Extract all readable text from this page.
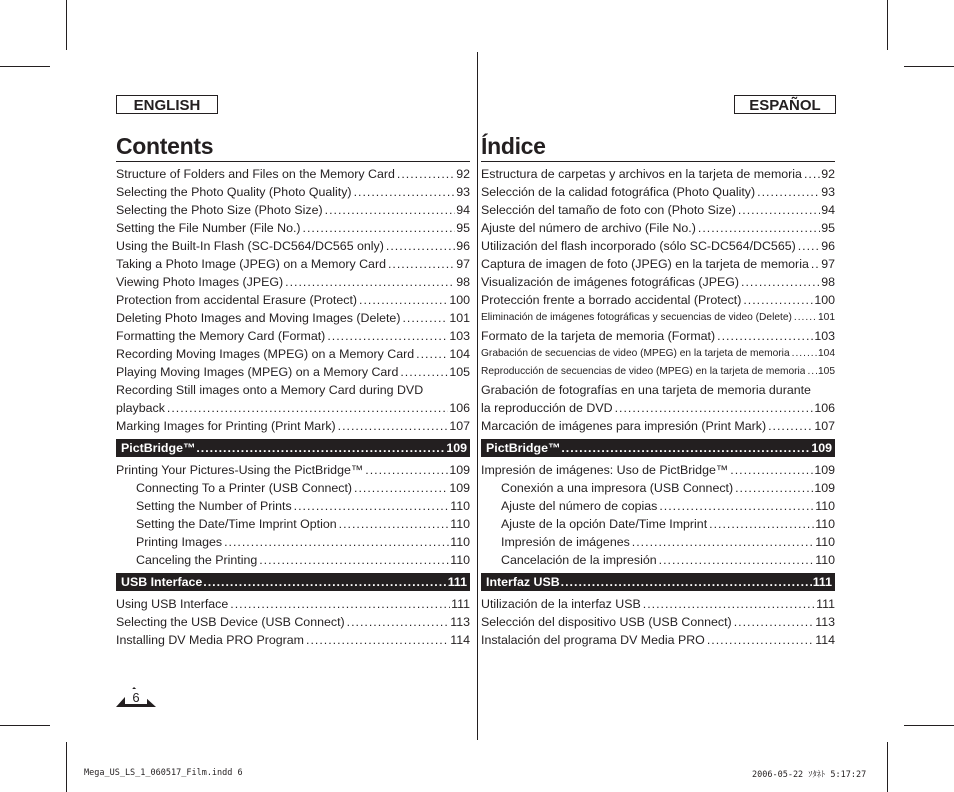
ENGLISH
Contents
Structure of Folders and Files on the Memory Card .....	92
Selecting the Photo Quality (Photo Quality) .....	93
Selecting the Photo Size (Photo Size) .....	94
Setting the File Number (File No.) .....	95
Using the Built-In Flash (SC-DC564/DC565 only) .....	96
Taking a Photo Image (JPEG) on a Memory Card .....	97
Viewing Photo Images (JPEG) .....	98
Protection from accidental Erasure (Protect) .....	100
Deleting Photo Images and Moving Images (Delete) .....	101
Formatting the Memory Card (Format) .....	103
Recording Moving Images (MPEG) on a Memory Card .....	104
Playing Moving Images (MPEG) on a Memory Card .....	105
Recording Still images onto a Memory Card during DVD
playback .....	106
Marking Images for Printing (Print Mark) .....	107
PictBridge™ .....	109
Printing Your Pictures-Using the PictBridge™ .....	109
Connecting To a Printer (USB Connect) .....	109
Setting the Number of Prints .....	110
Setting the Date/Time Imprint Option .....	110
Printing Images .....	110
Canceling the Printing .....	110
USB Interface .....	111
Using USB Interface .....	111
Selecting the USB Device (USB Connect) .....	113
Installing DV Media PRO Program .....	114
ESPAÑOL
Índice
Estructura de carpetas y archivos en la tarjeta de memoria ..... 92
Selección de la calidad fotográfica (Photo Quality) .....	93
Selección del tamaño de foto con (Photo Size) .....	94
Ajuste del número de archivo (File No.) .....	95
Utilización del flash incorporado (sólo SC-DC564/DC565) ..... 96
Captura de imagen de foto (JPEG) en la tarjeta de memoria ..... 97
Visualización de imágenes fotográficas (JPEG) .....	98
Protección frente a borrado accidental (Protect) .....	100
Eliminación de imágenes fotográficas y secuencias de video (Delete) .....	101
Formato de la tarjeta de memoria (Format) .....	103
Grabación de secuencias de video (MPEG) en la tarjeta de memoria .....	104
Reproducción de secuencias de video (MPEG) en la tarjeta de memoria ..... 105
Grabación de fotografías en una tarjeta de memoria durante
la reproducción de DVD .....	106
Marcación de imágenes para impresión (Print Mark) .....	107
PictBridge™ .....	109
Impresión de imágenes: Uso de PictBridge™ .....	109
Conexión a una impresora (USB Connect) .....	109
Ajuste del número de copias .....	110
Ajuste de la opción Date/Time Imprint .....	110
Impresión de imágenes .....	110
Cancelación de la impresión .....	110
Interfaz USB .....	111
Utilización de la interfaz USB .....	111
Selección del dispositivo USB (USB Connect) .....	113
Instalación del programa DV Media PRO .....	114
6
Mega_US_LS_1_060517_Film.indd 6	2006-05-22 ｿﾀﾈﾄ 5:17:27
